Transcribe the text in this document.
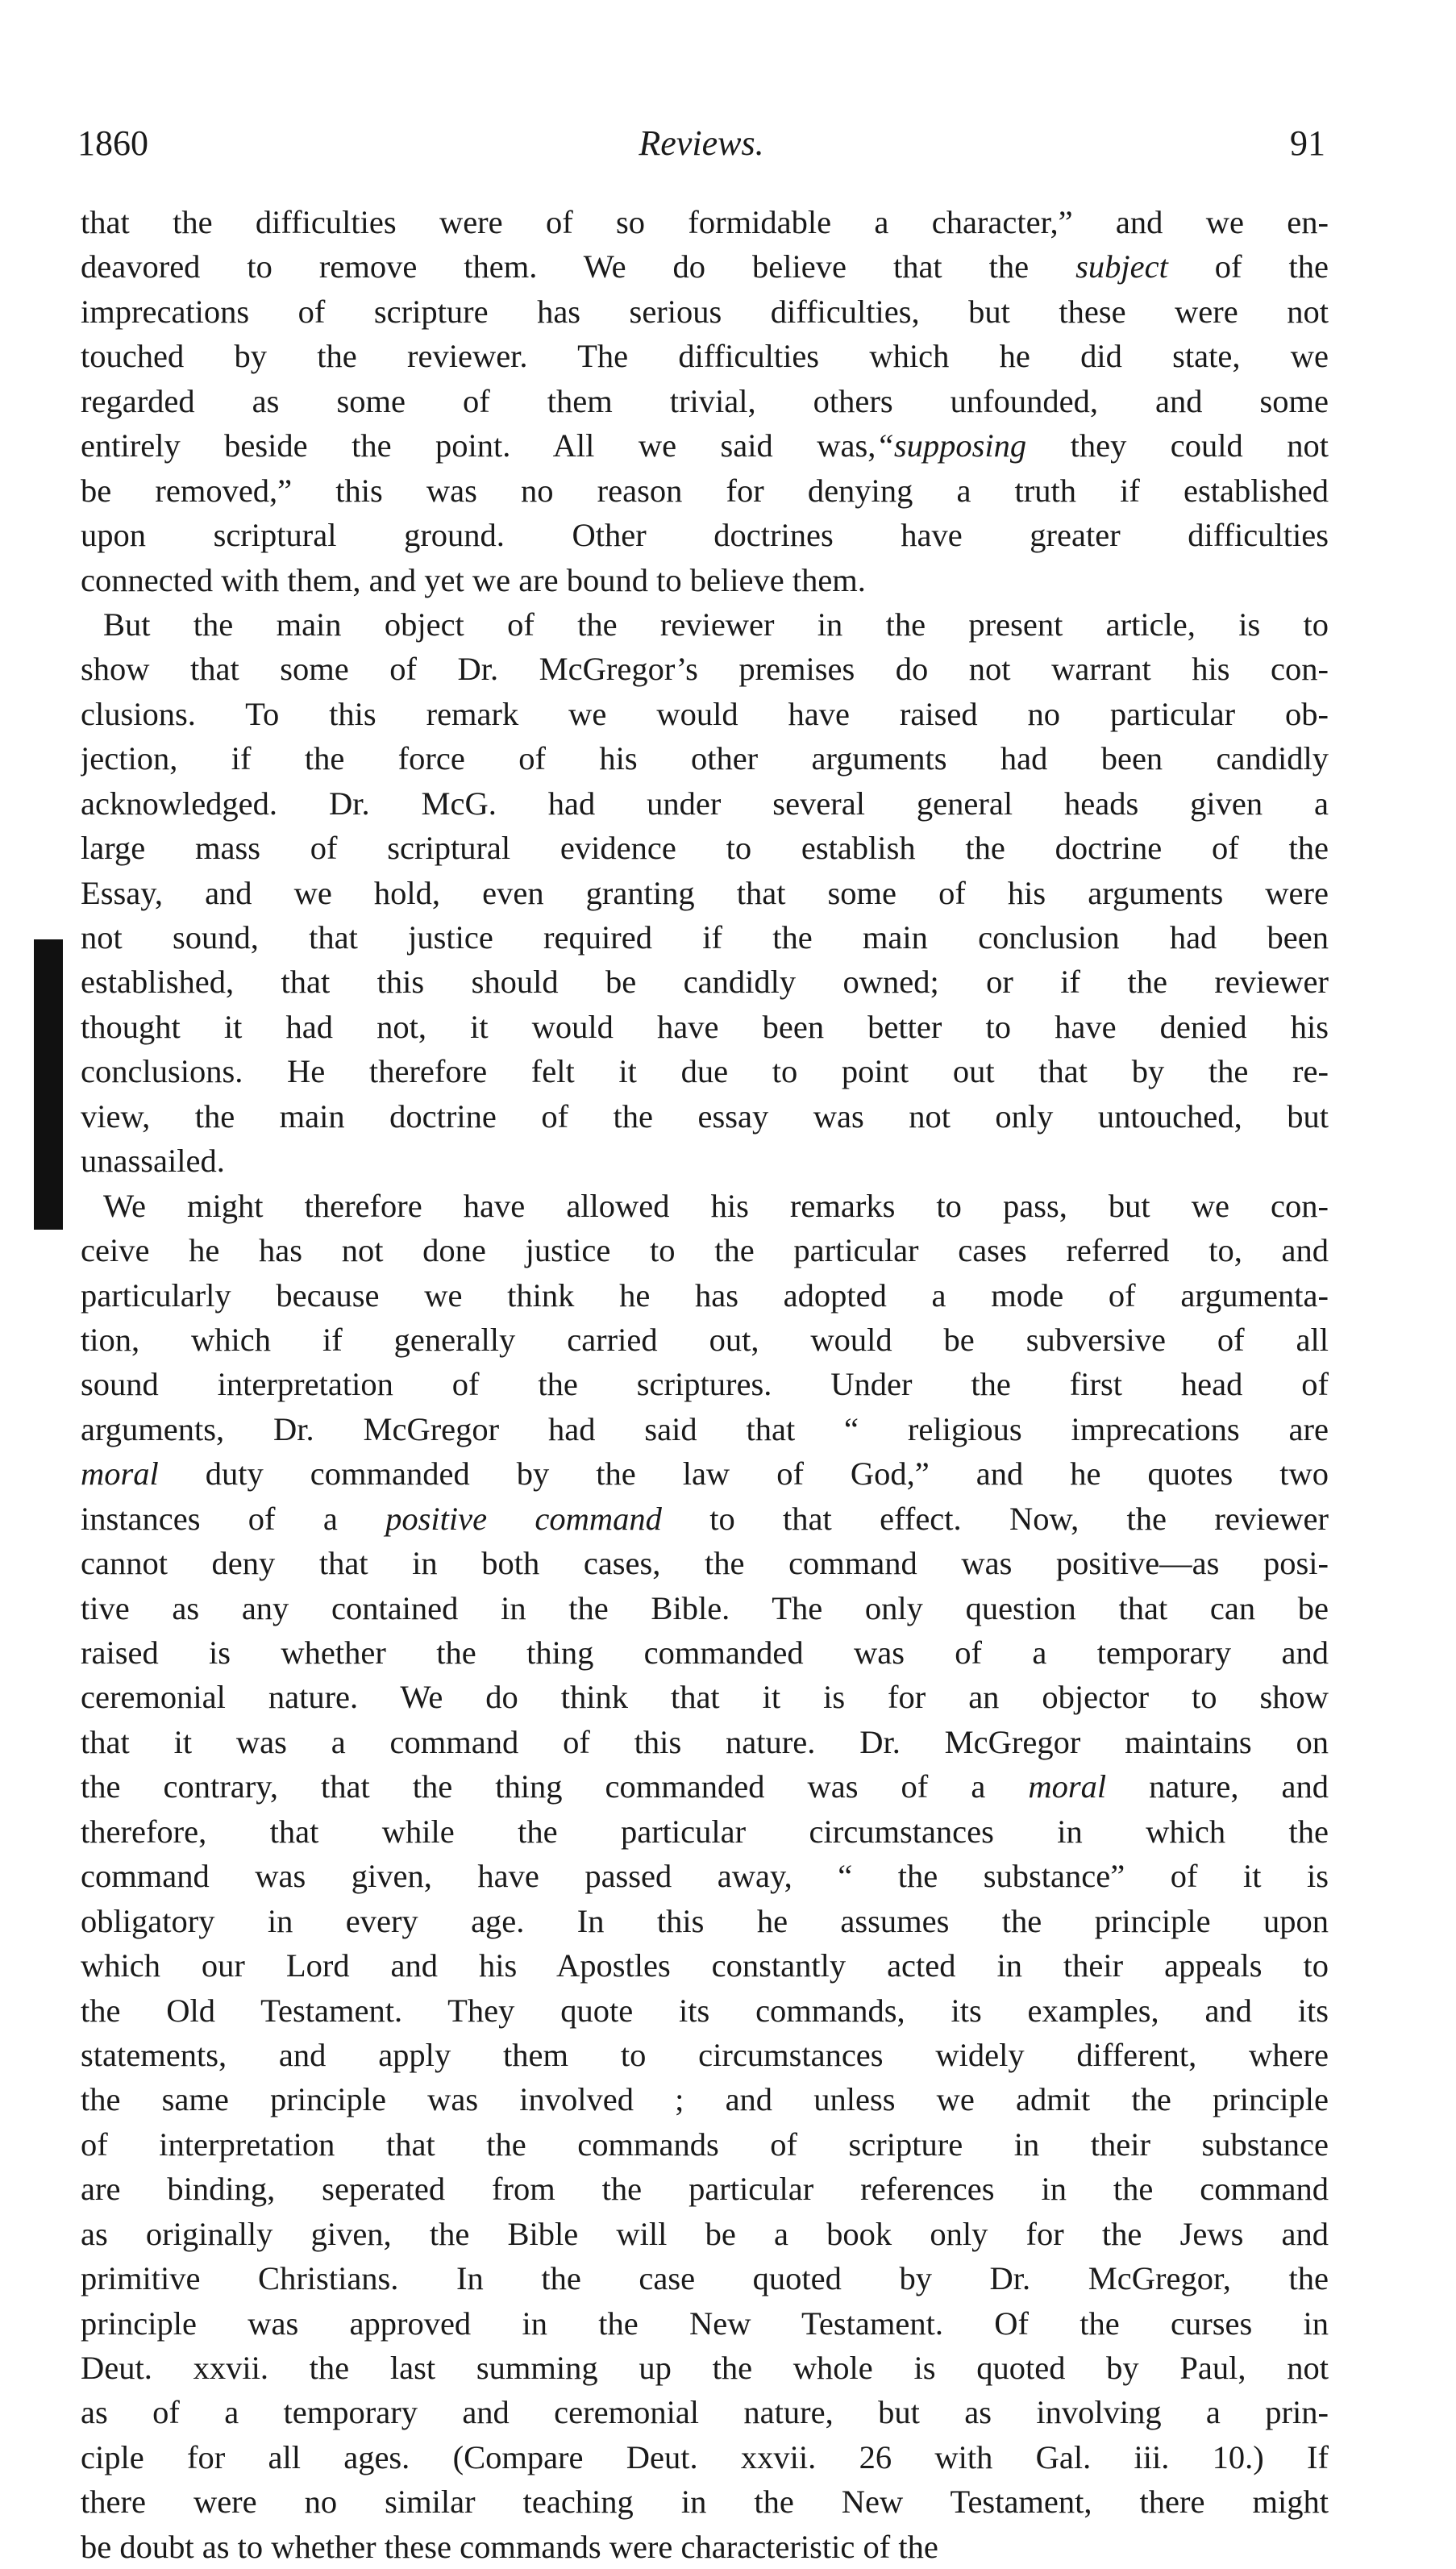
1860	Reviews.	91
that the difficulties were of so formidable a character,” and we en-
deavored to remove them. We do believe that the subject of the
imprecations of scripture has serious difficulties, but these were not
touched by the reviewer. The difficulties which he did state, we
regarded as some of them trivial, others unfounded, and some
entirely beside the point. All we said was,“supposing they could not
be removed,” this was no reason for denying a truth if established
upon scriptural ground. Other doctrines have greater difficulties
connected with them, and yet we are bound to believe them.
But the main object of the reviewer in the present article, is to
show that some of Dr. McGregor’s premises do not warrant his con-
clusions. To this remark we would have raised no particular ob-
jection, if the force of his other arguments had been candidly
acknowledged. Dr. McG. had under several general heads given a
large mass of scriptural evidence to establish the doctrine of the
Essay, and we hold, even granting that some of his arguments were
not sound, that justice required if the main conclusion had been
established, that this should be candidly owned; or if the reviewer
thought it had not, it would have been better to have denied his
conclusions. He therefore felt it due to point out that by the re-
view, the main doctrine of the essay was not only untouched, but
unassailed.
We might therefore have allowed his remarks to pass, but we con-
ceive he has not done justice to the particular cases referred to, and
particularly because we think he has adopted a mode of argumenta-
tion, which if generally carried out, would be subversive of all
sound interpretation of the scriptures. Under the first head of
arguments, Dr. McGregor had said that “ religious imprecations are
moral duty commanded by the law of God,” and he quotes two
instances of a positive command to that effect. Now, the reviewer
cannot deny that in both cases, the command was positive—as posi-
tive as any contained in the Bible. The only question that can be
raised is whether the thing commanded was of a temporary and
ceremonial nature. We do think that it is for an objector to show
that it was a command of this nature. Dr. McGregor maintains on
the contrary, that the thing commanded was of a moral nature, and
therefore, that while the particular circumstances in which the
command was given, have passed away, “ the substance” of it is
obligatory in every age. In this he assumes the principle upon
which our Lord and his Apostles constantly acted in their appeals to
the Old Testament. They quote its commands, its examples, and its
statements, and apply them to circumstances widely different, where
the same principle was involved ; and unless we admit the principle
of interpretation that the commands of scripture in their substance
are binding, seperated from the particular references in the command
as originally given, the Bible will be a book only for the Jews and
primitive Christians. In the case quoted by Dr. McGregor, the
principle was approved in the New Testament. Of the curses in
Deut. xxvii. the last summing up the whole is quoted by Paul, not
as of a temporary and ceremonial nature, but as involving a prin-
ciple for all ages. (Compare Deut. xxvii. 26 with Gal. iii. 10.) If
there were no similar teaching in the New Testament, there might
be doubt as to whether these commands were characteristic of the
